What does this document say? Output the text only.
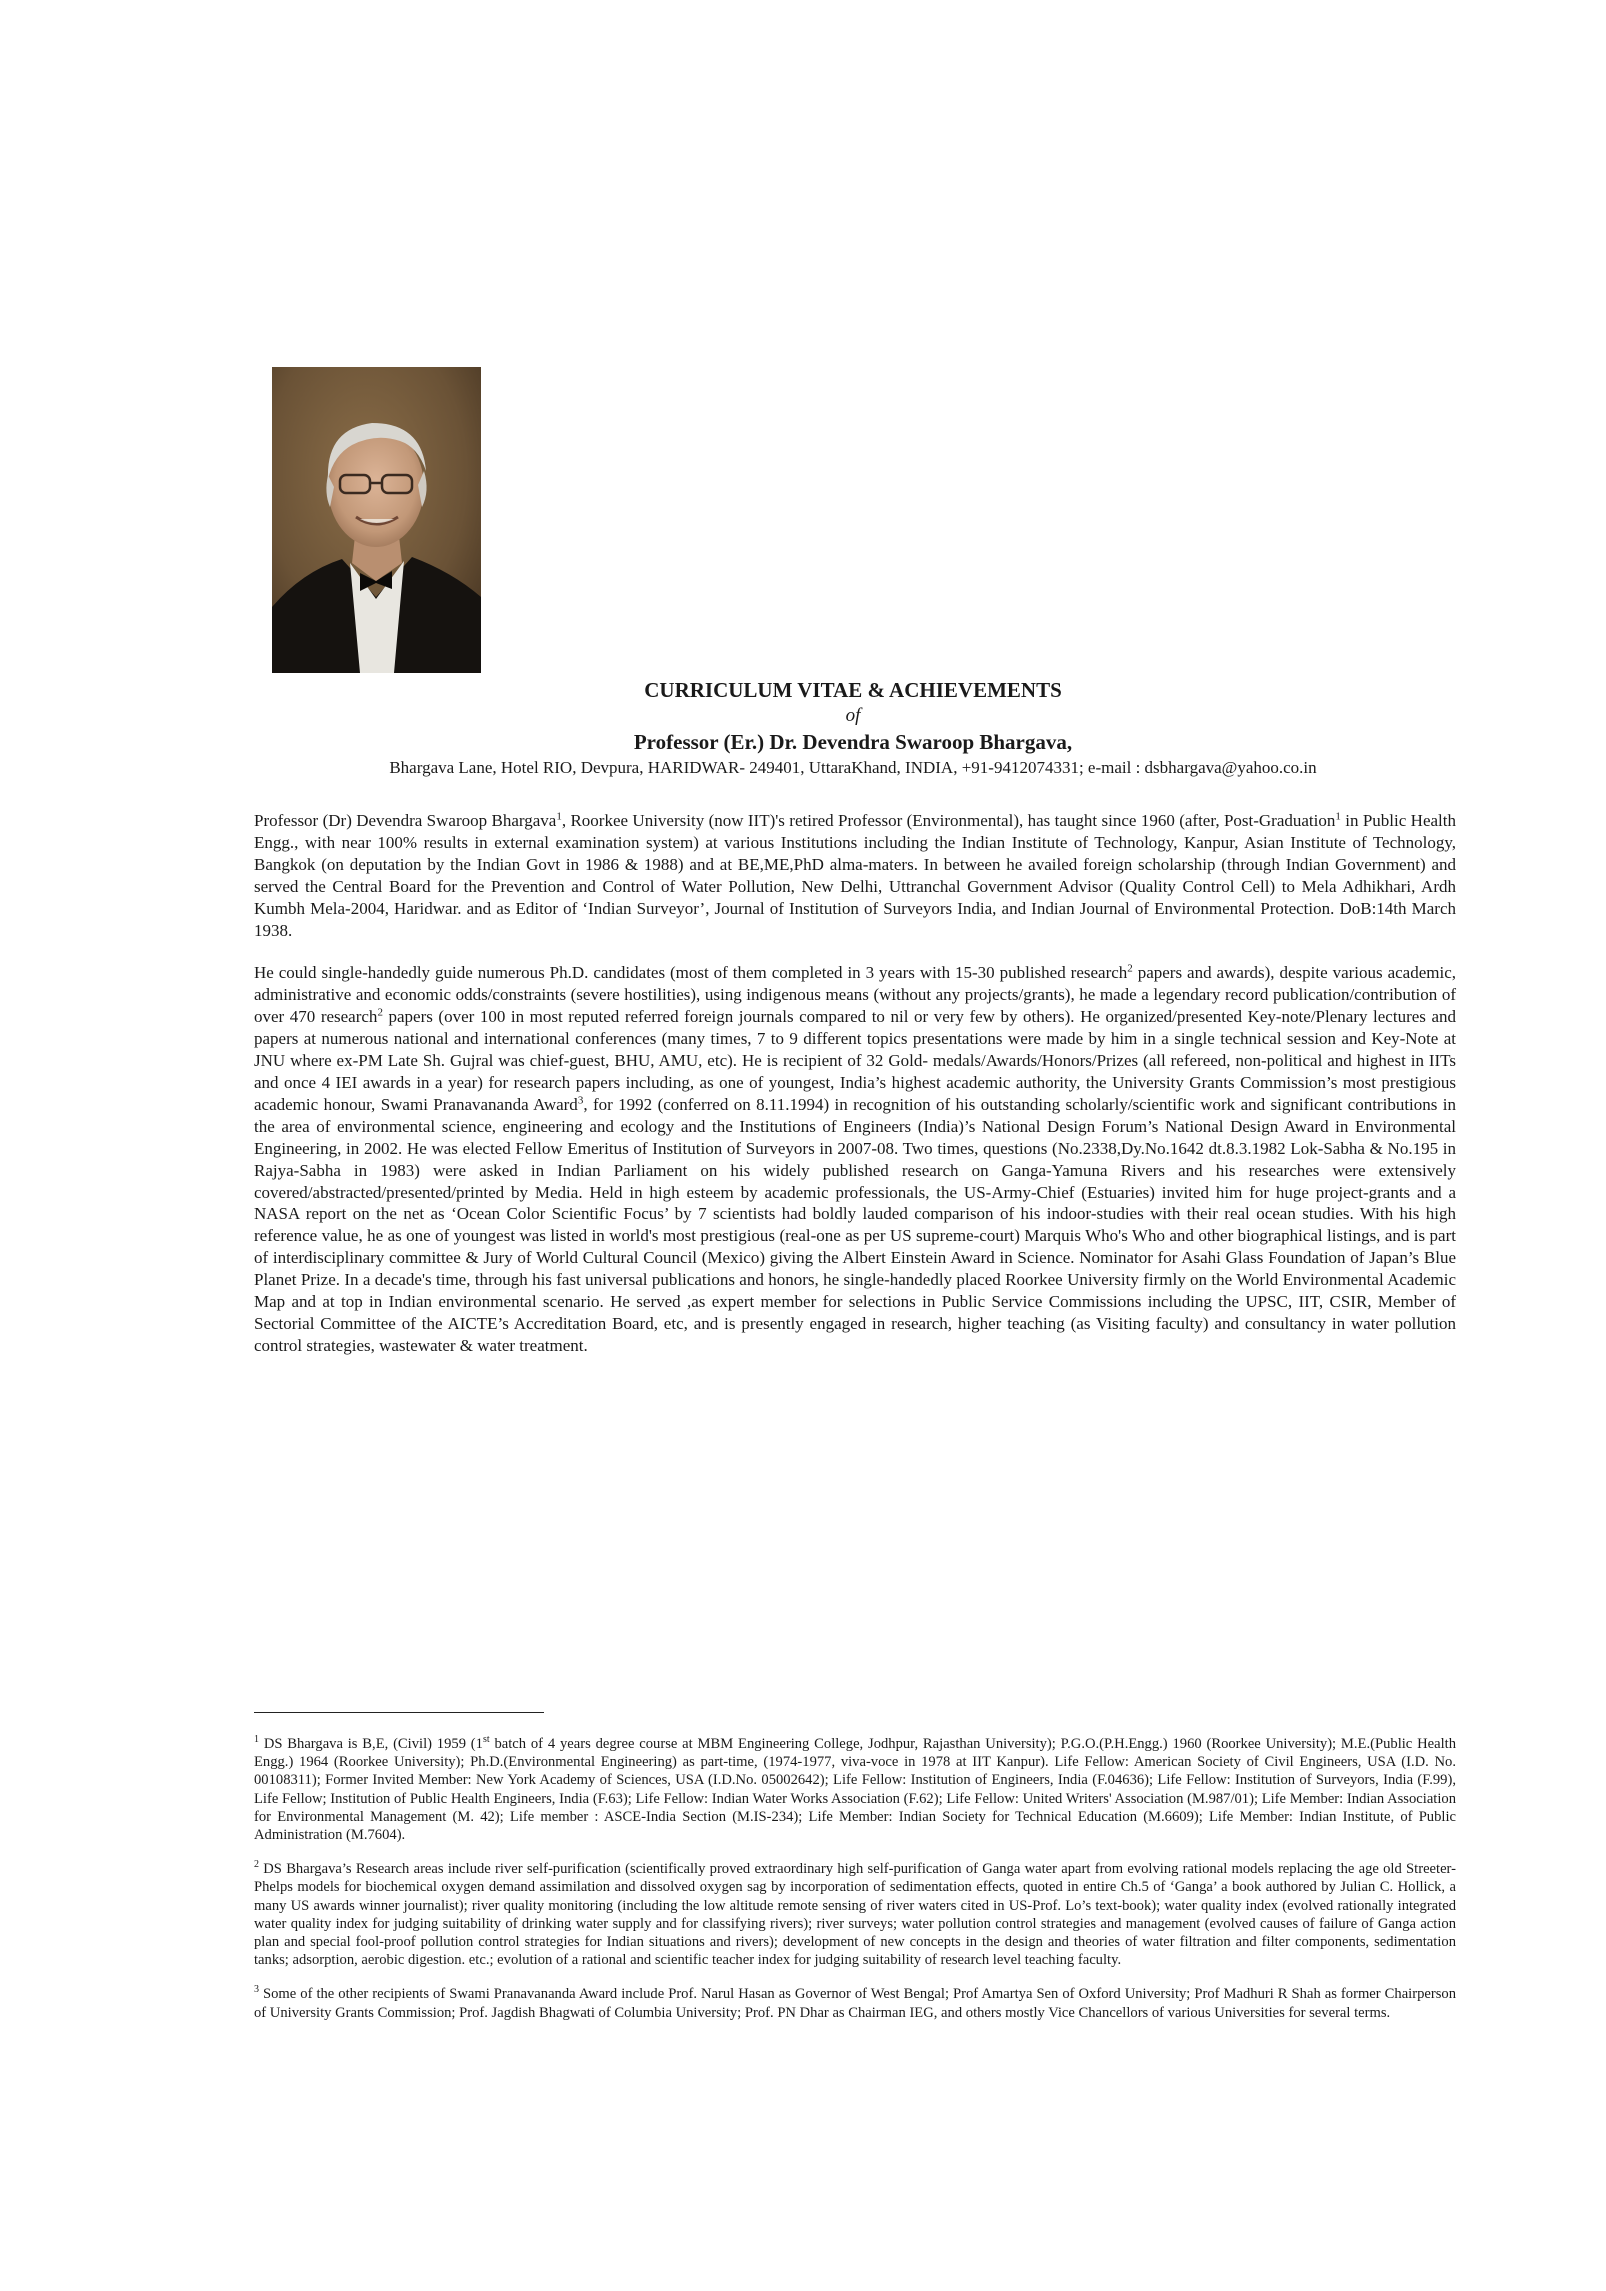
CURRICULUM VITAE & ACHIEVEMENTS

of

Professor (Er.) Dr. Devendra Swaroop Bhargava,

Bhargava Lane, Hotel RIO, Devpura, HARIDWAR- 249401, UttaraKhand, INDIA, +91-9412074331; e-mail : dsbhargava@yahoo.co.in

Professor (Dr) Devendra Swaroop Bhargava$^1$, Roorkee University (now IIT)'s retired Professor (Environmental), has taught since 1960 (after, Post-Graduation$^1$ in Public Health Engg., with near 100% results in external examination system) at various Institutions including the Indian Institute of Technology, Kanpur, Asian Institute of Technology, Bangkok (on deputation by the Indian Govt in 1986 & 1988) and at BE,ME,PhD alma-maters. In between he availed foreign scholarship (through Indian Government) and served the Central Board for the Prevention and Control of Water Pollution, New Delhi, Uttranchal Government Advisor (Quality Control Cell) to Mela Adhikhari, Ardh Kumbh Mela-2004, Haridwar. and as Editor of ‘Indian Surveyor’, Journal of Institution of Surveyors India, and Indian Journal of Environmental Protection. DoB:14th March 1938.

He could single-handedly guide numerous Ph.D. candidates (most of them completed in 3 years with 15-30 published research$^2$ papers and awards), despite various academic, administrative and economic odds/constraints (severe hostilities), using indigenous means (without any projects/grants), he made a legendary record publication/contribution of over 470 research$^2$ papers (over 100 in most reputed referred foreign journals compared to nil or very few by others). He organized/presented Key-note/Plenary lectures and papers at numerous national and international conferences (many times, 7 to 9 different topics presentations were made by him in a single technical session and Key-Note at JNU where ex-PM Late Sh. Gujral was chief-guest, BHU, AMU, etc). He is recipient of 32 Gold- medals/Awards/Honors/Prizes (all refereed, non-political and highest in IITs and once 4 IEI awards in a year) for research papers including, as one of youngest, India’s highest academic authority, the University Grants Commission’s most prestigious academic honour, Swami Pranavananda Award$^3$, for 1992 (conferred on 8.11.1994) in recognition of his outstanding scholarly/scientific work and significant contributions in the area of environmental science, engineering and ecology and the Institutions of Engineers (India)’s National Design Forum’s National Design Award in Environmental Engineering, in 2002. He was elected Fellow Emeritus of Institution of Surveyors in 2007-08. Two times, questions (No.2338,Dy.No.1642 dt.8.3.1982 Lok-Sabha & No.195 in Rajya-Sabha in 1983) were asked in Indian Parliament on his widely published research on Ganga-Yamuna Rivers and his researches were extensively covered/abstracted/presented/printed by Media. Held in high esteem by academic professionals, the US-Army-Chief (Estuaries) invited him for huge project-grants and a NASA report on the net as ‘Ocean Color Scientific Focus’ by 7 scientists had boldly lauded comparison of his indoor-studies with their real ocean studies. With his high reference value, he as one of youngest was listed in world's most prestigious (real-one as per US supreme-court) Marquis Who's Who and other biographical listings, and is part of interdisciplinary committee & Jury of World Cultural Council (Mexico) giving the Albert Einstein Award in Science. Nominator for Asahi Glass Foundation of Japan’s Blue Planet Prize. In a decade's time, through his fast universal publications and honors, he single-handedly placed Roorkee University firmly on the World Environmental Academic Map and at top in Indian environmental scenario. He served ,as expert member for selections in Public Service Commissions including the UPSC, IIT, CSIR, Member of Sectorial Committee of the AICTE’s Accreditation Board, etc, and is presently engaged in research, higher teaching (as Visiting faculty) and consultancy in water pollution control strategies, wastewater & water treatment.

$^1$ DS Bhargava is B,E, (Civil) 1959 (1st batch of 4 years degree course at MBM Engineering College, Jodhpur, Rajasthan University); P.G.O.(P.H.Engg.) 1960 (Roorkee University); M.E.(Public Health Engg.) 1964 (Roorkee University); Ph.D.(Environmental Engineering) as part-time, (1974-1977, viva-voce in 1978 at IIT Kanpur). Life Fellow: American Society of Civil Engineers, USA (I.D. No. 00108311); Former Invited Member: New York Academy of Sciences, USA (I.D.No. 05002642); Life Fellow: Institution of Engineers, India (F.04636); Life Fellow: Institution of Surveyors, India (F.99), Life Fellow; Institution of Public Health Engineers, India (F.63); Life Fellow: Indian Water Works Association (F.62); Life Fellow: United Writers' Association (M.987/01); Life Member: Indian Association for Environmental Management (M. 42); Life member : ASCE-India Section (M.IS-234); Life Member: Indian Society for Technical Education (M.6609); Life Member: Indian Institute, of Public Administration (M.7604).

$^2$ DS Bhargava’s Research areas include river self-purification (scientifically proved extraordinary high self-purification of Ganga water apart from evolving rational models replacing the age old Streeter-Phelps models for biochemical oxygen demand assimilation and dissolved oxygen sag by incorporation of sedimentation effects, quoted in entire Ch.5 of ‘Ganga’ a book authored by Julian C. Hollick, a many US awards winner journalist); river quality monitoring (including the low altitude remote sensing of river waters cited in US-Prof. Lo’s text-book); water quality index (evolved rationally integrated water quality index for judging suitability of drinking water supply and for classifying rivers); river surveys; water pollution control strategies and management (evolved causes of failure of Ganga action plan and special fool-proof pollution control strategies for Indian situations and rivers); development of new concepts in the design and theories of water filtration and filter components, sedimentation tanks; adsorption, aerobic digestion. etc.; evolution of a rational and scientific teacher index for judging suitability of research level teaching faculty.

$^3$ Some of the other recipients of Swami Pranavananda Award include Prof. Narul Hasan as Governor of West Bengal; Prof Amartya Sen of Oxford University; Prof Madhuri R Shah as former Chairperson of University Grants Commission; Prof. Jagdish Bhagwati of Columbia University; Prof. PN Dhar as Chairman IEG, and others mostly Vice Chancellors of various Universities for several terms.
